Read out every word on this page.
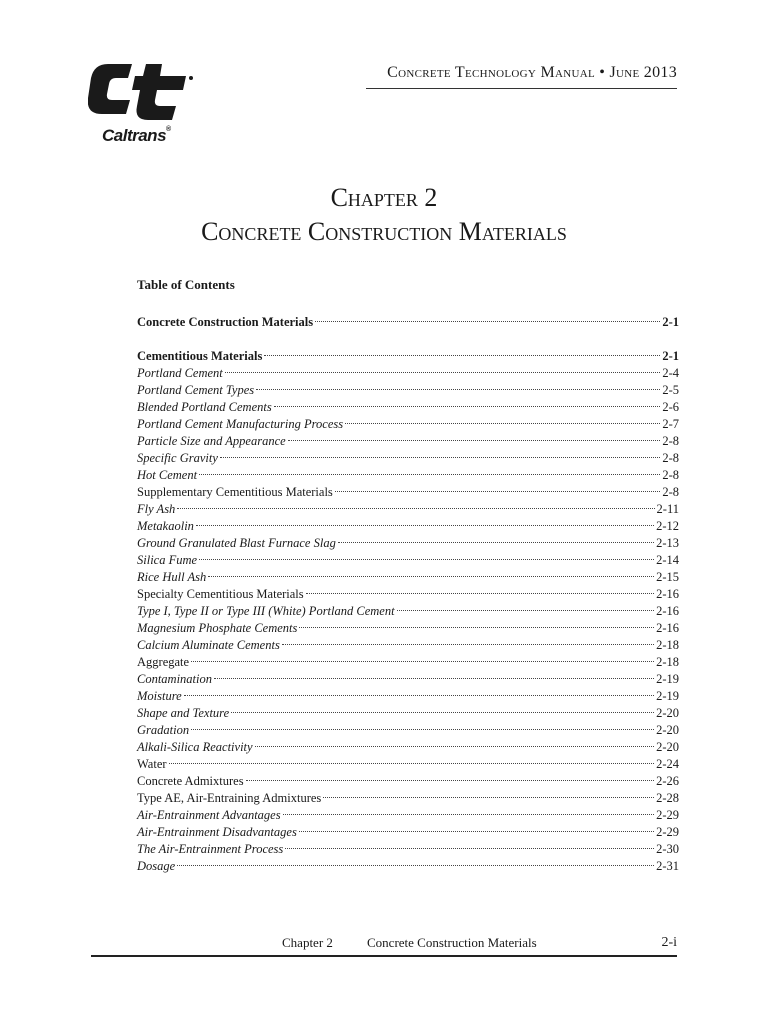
Caltrans®
Concrete Technology Manual • June 2013
Chapter 2
Concrete Construction Materials
Table of Contents
Concrete Construction Materials	2-1
Cementitious Materials	2-1
Portland Cement	2-4
Portland Cement Types	2-5
Blended Portland Cements	2-6
Portland Cement Manufacturing Process	2-7
Particle Size and Appearance	2-8
Specific Gravity	2-8
Hot Cement	2-8
Supplementary Cementitious Materials	2-8
Fly Ash	2-11
Metakaolin	2-12
Ground Granulated Blast Furnace Slag	2-13
Silica Fume	2-14
Rice Hull Ash	2-15
Specialty Cementitious Materials	2-16
Type I, Type II or Type III (White) Portland Cement	2-16
Magnesium Phosphate Cements	2-16
Calcium Aluminate Cements	2-18
Aggregate	2-18
Contamination	2-19
Moisture	2-19
Shape and Texture	2-20
Gradation	2-20
Alkali-Silica Reactivity	2-20
Water	2-24
Concrete Admixtures	2-26
Type AE, Air-Entraining Admixtures	2-28
Air-Entrainment Advantages	2-29
Air-Entrainment Disadvantages	2-29
The Air-Entrainment Process	2-30
Dosage	2-31
Chapter 2	Concrete Construction Materials	2-i
